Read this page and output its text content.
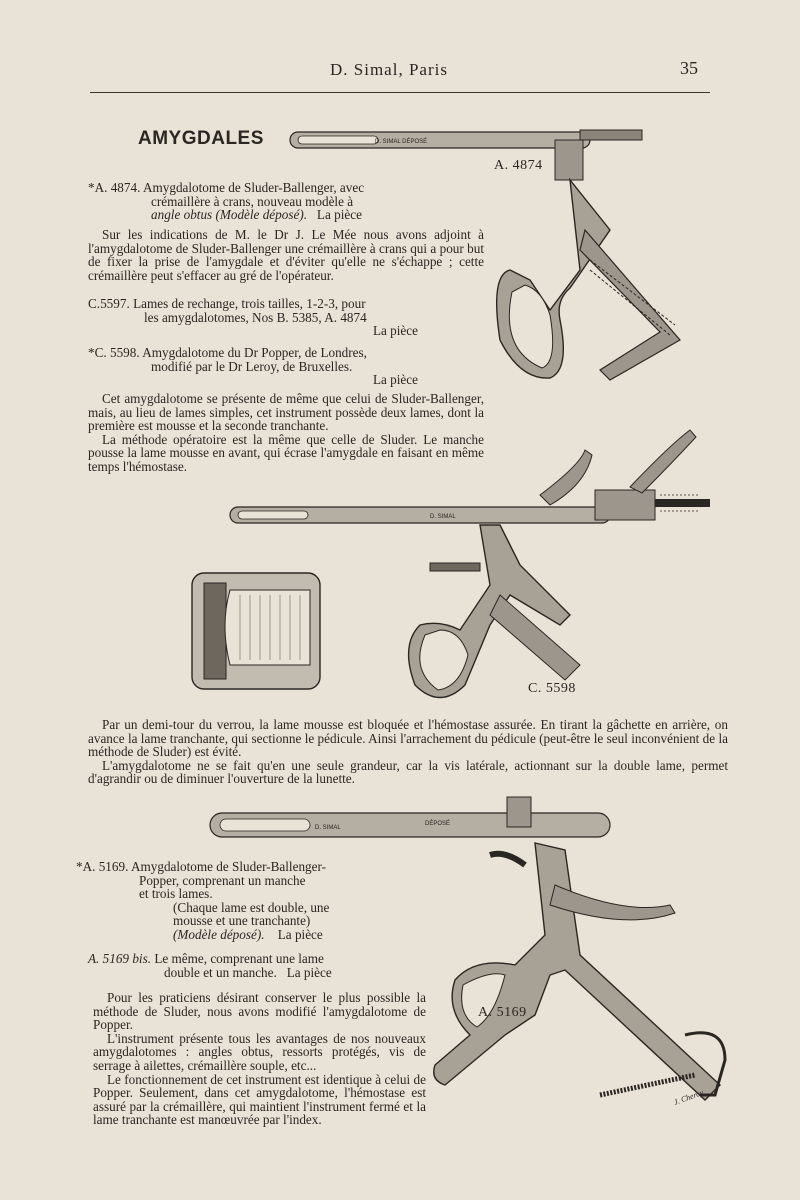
D. Simal, Paris	35
AMYGDALES
*A. 4874. Amygdalotome de Sluder-Ballenger, avec
crémaillère à crans, nouveau modèle à
angle obtus (Modèle déposé). La pièce

Sur les indications de M. le Dr J. Le Mée nous avons adjoint à l'amygdalotome de Sluder-Ballenger une crémaillère à crans qui a pour but de fixer la prise de l'amygdale et d'éviter qu'elle ne s'échappe ; cette crémaillère peut s'effacer au gré de l'opérateur.

C.5597. Lames de rechange, trois tailles, 1-2-3, pour
les amygdalotomes, Nos B. 5385, A. 4874
La pièce
*C. 5598. Amygdalotome du Dr Popper, de Londres,
modifié par le Dr Leroy, de Bruxelles.
La pièce

Cet amygdalotome se présente de même que celui de Sluder-Ballenger, mais, au lieu de lames simples, cet instrument possède deux lames, dont la première est mousse et la seconde tranchante.

La méthode opératoire est la même que celle de Sluder. Le manche pousse la lame mousse en avant, qui écrase l'amygdale en faisant en même temps l'hémostase.

D. SIMAL DÉPOSÉ
A. 4874
D. SIMAL
C. 5598

Par un demi-tour du verrou, la lame mousse est bloquée et l'hémostase assurée. En tirant la gâchette en arrière, on avance la lame tranchante, qui sectionne le pédicule. Ainsi l'arrachement du pédicule (peut-être le seul inconvénient de la méthode de Sluder) est évité.

L'amygdalotome ne se fait qu'en une seule grandeur, car la vis latérale, actionnant sur la double lame, permet d'agrandir ou de diminuer l'ouverture de la lunette.

D. SIMAL
DÉPOSÉ
J. Cheroy
A. 5169
*A. 5169. Amygdalotome de Sluder-Ballenger-
Popper, comprenant un manche
et trois lames.
(Chaque lame est double, une
mousse et une tranchante)
(Modèle déposé). La pièce
A. 5169 bis. Le même, comprenant une lame
double et un manche. La pièce

Pour les praticiens désirant conserver le plus possible la méthode de Sluder, nous avons modifié l'amygdalotome de Popper.

L'instrument présente tous les avantages de nos nouveaux amygdalotomes : angles obtus, ressorts protégés, vis de serrage à ailettes, crémaillère souple, etc...

Le fonctionnement de cet instrument est identique à celui de Popper. Seulement, dans cet amygdalotome, l'hémostase est assuré par la crémaillère, qui maintient l'instrument fermé et la lame tranchante est manœuvrée par l'index.
